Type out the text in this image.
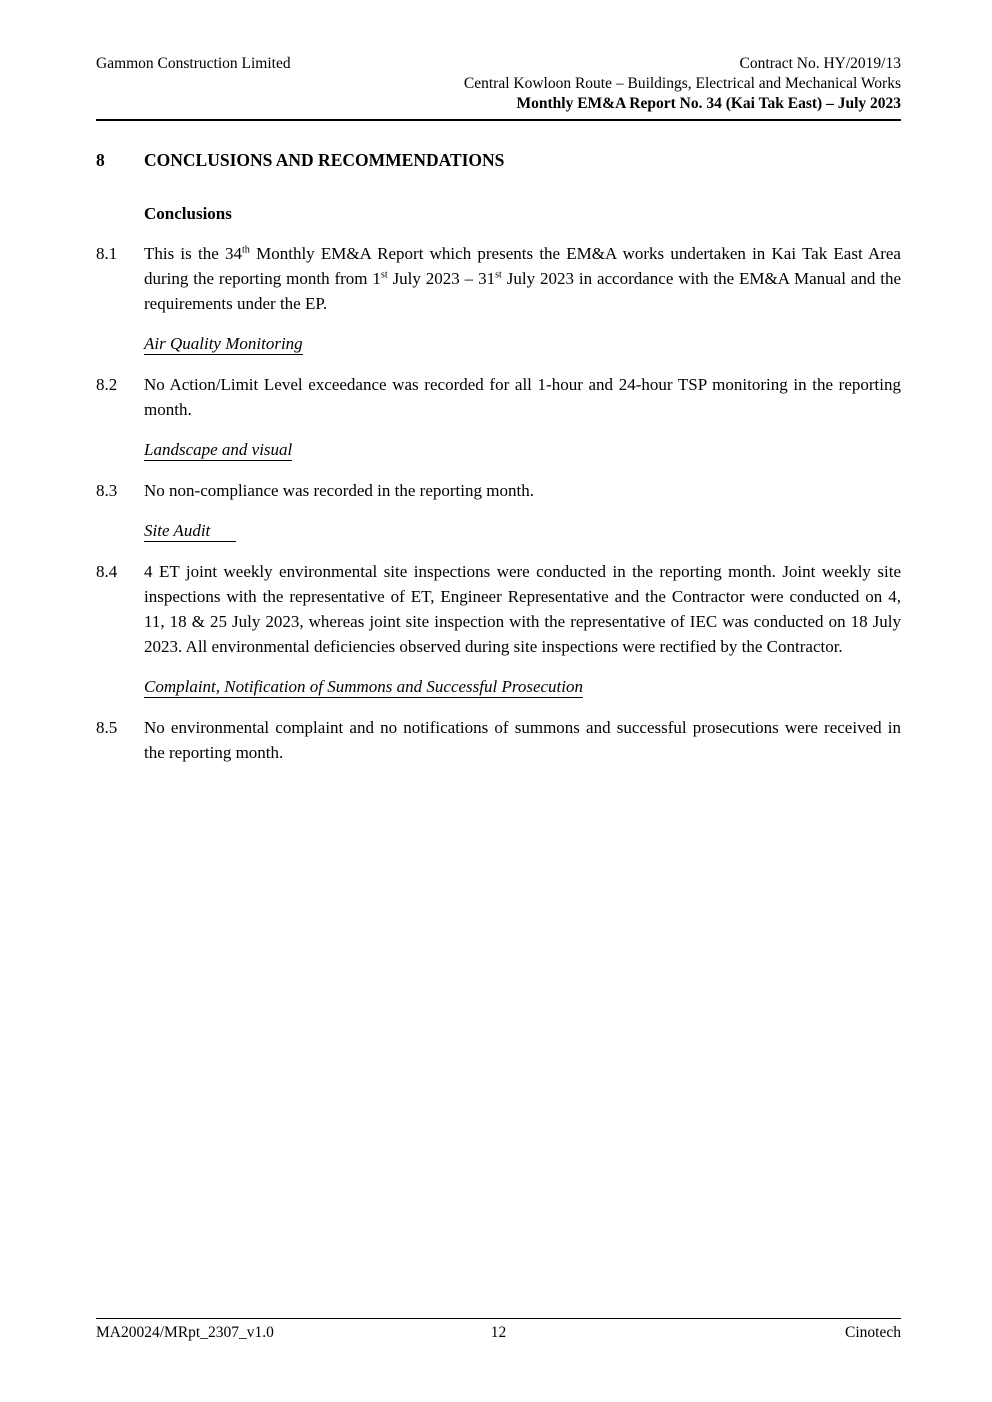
Gammon Construction Limited	Contract No. HY/2019/13
Central Kowloon Route – Buildings, Electrical and Mechanical Works
Monthly EM&A Report No. 34 (Kai Tak East) – July 2023
8	CONCLUSIONS AND RECOMMENDATIONS
Conclusions
8.1	This is the 34th Monthly EM&A Report which presents the EM&A works undertaken in Kai Tak East Area during the reporting month from 1st July 2023 – 31st July 2023 in accordance with the EM&A Manual and the requirements under the EP.
Air Quality Monitoring
8.2	No Action/Limit Level exceedance was recorded for all 1-hour and 24-hour TSP monitoring in the reporting month.
Landscape and visual
8.3	No non-compliance was recorded in the reporting month.
Site Audit
8.4	4 ET joint weekly environmental site inspections were conducted in the reporting month. Joint weekly site inspections with the representative of ET, Engineer Representative and the Contractor were conducted on 4, 11, 18 & 25 July 2023, whereas joint site inspection with the representative of IEC was conducted on 18 July 2023. All environmental deficiencies observed during site inspections were rectified by the Contractor.
Complaint, Notification of Summons and Successful Prosecution
8.5	No environmental complaint and no notifications of summons and successful prosecutions were received in the reporting month.
MA20024/MRpt_2307_v1.0	12	Cinotech
